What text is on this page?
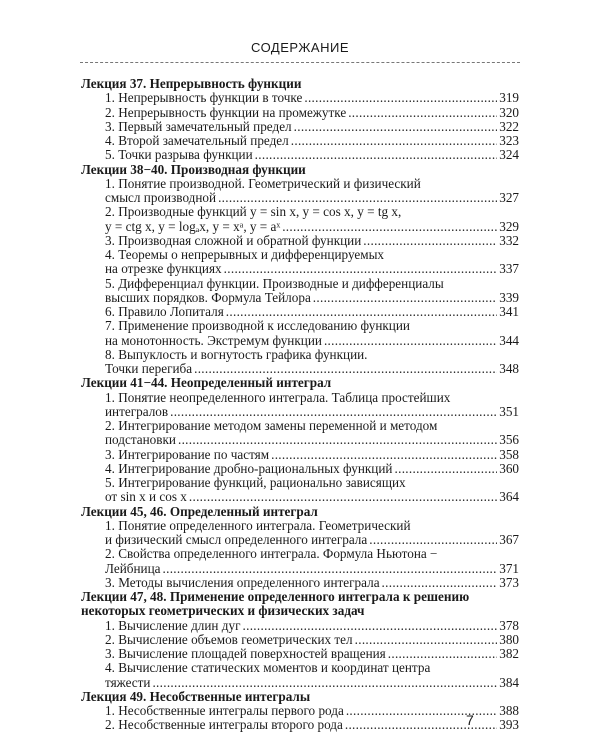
СОДЕРЖАНИЕ
Лекция 37. Непрерывность функции
1. Непрерывность функции в точке . . .	319
2. Непрерывность функции на промежутке . . .	320
3. Первый замечательный предел . . .	322
4. Второй замечательный предел . . .	323
5. Точки разрыва функции . . .	324
Лекции 38−40. Производная функции
1. Понятие производной. Геометрический и физический
смысл производной . . .	327
2. Производные функций y = sin x, y = cos x, y = tg x,
y = ctg x, y = logₐx, y = xᵃ, y = aˣ . . .	329
3. Производная сложной и обратной функции . . .	332
4. Теоремы о непрерывных и дифференцируемых
на отрезке функциях . . .	337
5. Дифференциал функции. Производные и дифференциалы
высших порядков. Формула Тейлора . . .	339
6. Правило Лопиталя . . .	341
7. Применение производной к исследованию функции
на монотонность. Экстремум функции . . .	344
8. Выпуклость и вогнутость графика функции.
Точки перегиба . . .	348
Лекции 41−44. Неопределенный интеграл
1. Понятие неопределенного интеграла. Таблица простейших
интегралов . . .	351
2. Интегрирование методом замены переменной и методом
подстановки . . .	356
3. Интегрирование по частям . . .	358
4. Интегрирование дробно-рациональных функций . . .	360
5. Интегрирование функций, рационально зависящих
от sin x и cos x . . .	364
Лекции 45, 46. Определенный интеграл
1. Понятие определенного интеграла. Геометрический
и физический смысл определенного интеграла . . .	367
2. Свойства определенного интеграла. Формула Ньютона −
Лейбница . . .	371
3. Методы вычисления определенного интеграла . . .	373
Лекции 47, 48. Применение определенного интеграла к решению
некоторых геометрических и физических задач
1. Вычисление длин дуг . . .	378
2. Вычисление объемов геометрических тел . . .	380
3. Вычисление площадей поверхностей вращения . . .	382
4. Вычисление статических моментов и координат центра
тяжести . . .	384
Лекция 49. Несобственные интегралы
1. Несобственные интегралы первого рода . . .	388
2. Несобственные интегралы второго рода . . .	393
7
